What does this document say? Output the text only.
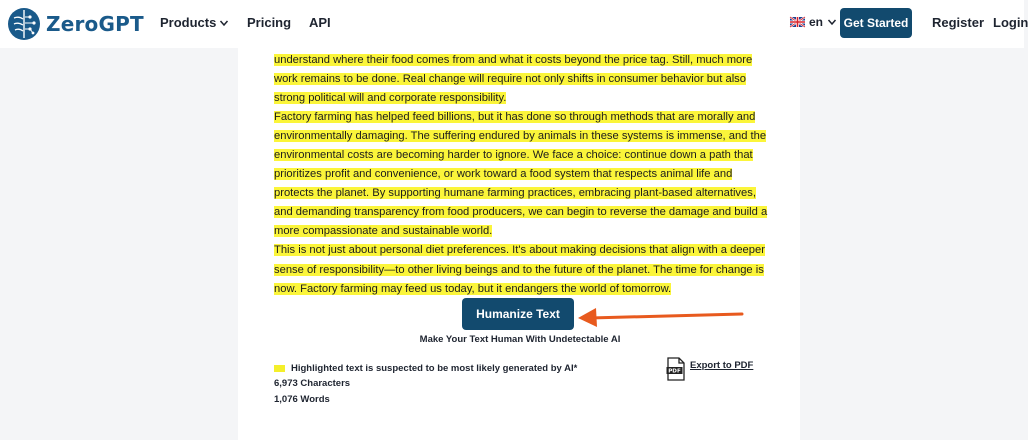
ZeroGPT Products Pricing API	en	Get Started Register Login

understand where their food comes from and what it costs beyond the price tag. Still, much more work remains to be done. Real change will require not only shifts in consumer behavior but also strong political will and corporate responsibility.

Factory farming has helped feed billions, but it has done so through methods that are morally and environmentally damaging. The suffering endured by animals in these systems is immense, and the environmental costs are becoming harder to ignore. We face a choice: continue down a path that prioritizes profit and convenience, or work toward a food system that respects animal life and protects the planet. By supporting humane farming practices, embracing plant-based alternatives, and demanding transparency from food producers, we can begin to reverse the damage and build a more compassionate and sustainable world.

This is not just about personal diet preferences. It's about making decisions that align with a deeper sense of responsibility—to other living beings and to the future of the planet. The time for change is now. Factory farming may feed us today, but it endangers the world of tomorrow.

Humanize Text
Make Your Text Human With Undetectable AI
Highlighted text is suspected to be most likely generated by AI*
6,973 Characters
1,076 Words
PDF
Export to PDF
